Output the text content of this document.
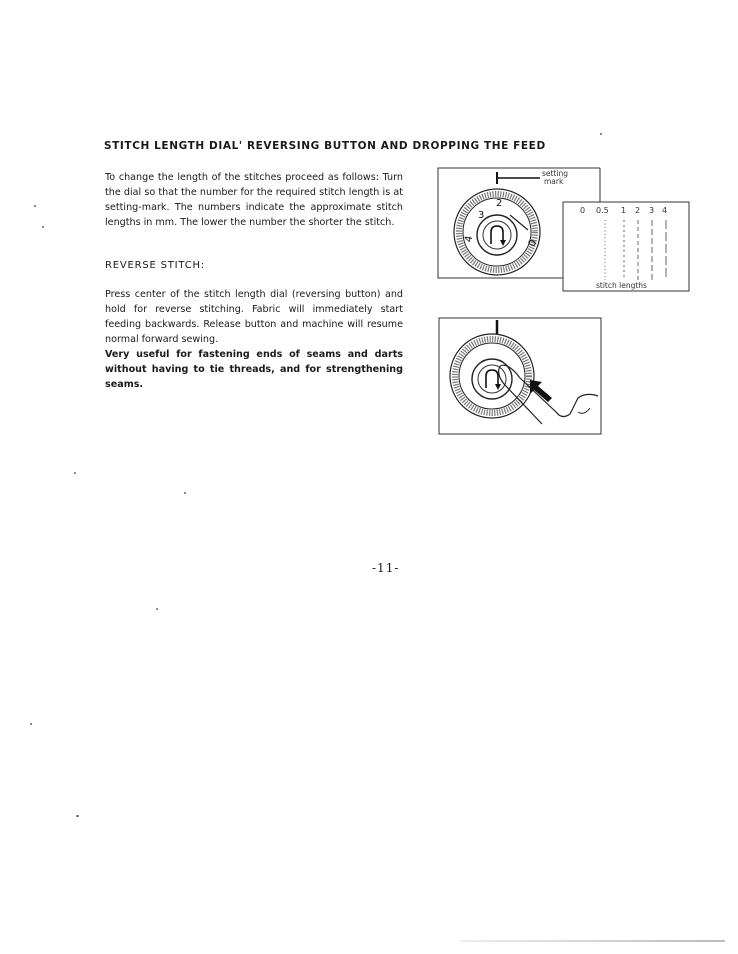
STITCH LENGTH DIAL' REVERSING BUTTON AND DROPPING THE FEED

To change the length of the stitches proceed as follows: Turn the dial so that the number for the required stitch length is at setting-mark. The numbers indicate the approximate stitch lengths in mm. The lower the number the shorter the stitch.

REVERSE STITCH:

Press center of the stitch length dial (reversing button) and hold for reverse stitching. Fabric will immediately start feeding backwards. Release button and machine will resume normal forward sewing.

Very useful for fastening ends of seams and darts without having to tie threads, and for strengthening seams.

setting
mark
3
2
4	0
0 0.5 1 2 3 4
stitch lengths
-11-
